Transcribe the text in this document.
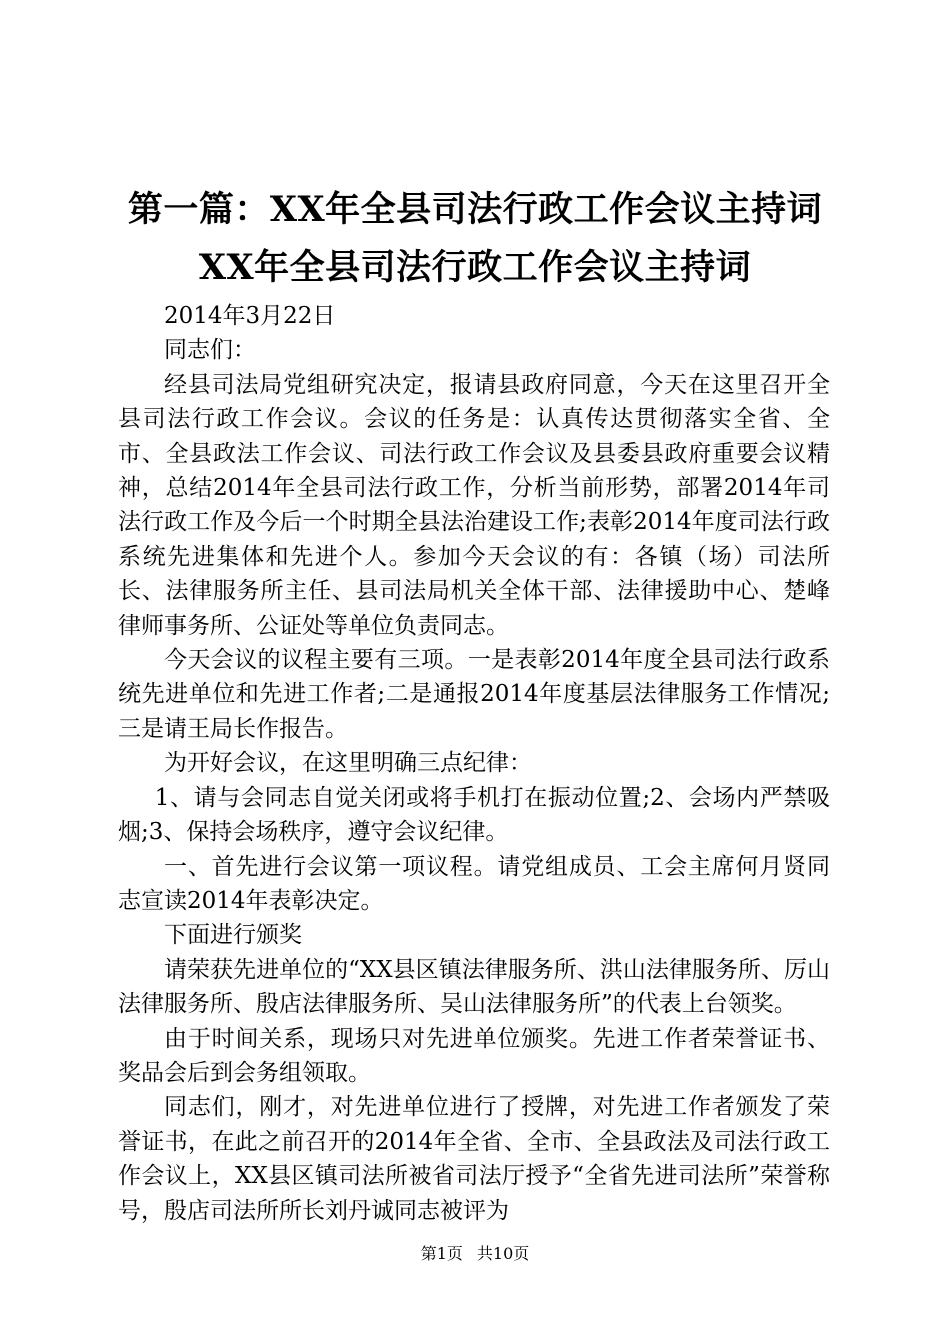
第一篇：XX年全县司法行政工作会议主持词
XX年全县司法行政工作会议主持词

2014年3月22日

同志们：

经县司法局党组研究决定，报请县政府同意，今天在这里召开全县司法行政工作会议。会议的任务是：认真传达贯彻落实全省、全市、全县政法工作会议、司法行政工作会议及县委县政府重要会议精神，总结2014年全县司法行政工作，分析当前形势，部署2014年司法行政工作及今后一个时期全县法治建设工作;表彰2014年度司法行政系统先进集体和先进个人。参加今天会议的有：各镇（场）司法所长、法律服务所主任、县司法局机关全体干部、法律援助中心、楚峰律师事务所、公证处等单位负责同志。

今天会议的议程主要有三项。一是表彰2014年度全县司法行政系统先进单位和先进工作者;二是通报2014年度基层法律服务工作情况;三是请王局长作报告。

为开好会议，在这里明确三点纪律：

1、请与会同志自觉关闭或将手机打在振动位置;2、会场内严禁吸烟;3、保持会场秩序，遵守会议纪律。

一、首先进行会议第一项议程。请党组成员、工会主席何月贤同志宣读2014年表彰决定。

下面进行颁奖

请荣获先进单位的“XX县区镇法律服务所、洪山法律服务所、厉山法律服务所、殷店法律服务所、吴山法律服务所”的代表上台领奖。

由于时间关系，现场只对先进单位颁奖。先进工作者荣誉证书、奖品会后到会务组领取。

同志们，刚才，对先进单位进行了授牌，对先进工作者颁发了荣誉证书，在此之前召开的2014年全省、全市、全县政法及司法行政工作会议上，XX县区镇司法所被省司法厅授予“全省先进司法所”荣誉称号，殷店司法所所长刘丹诚同志被评为

第1页 共10页
